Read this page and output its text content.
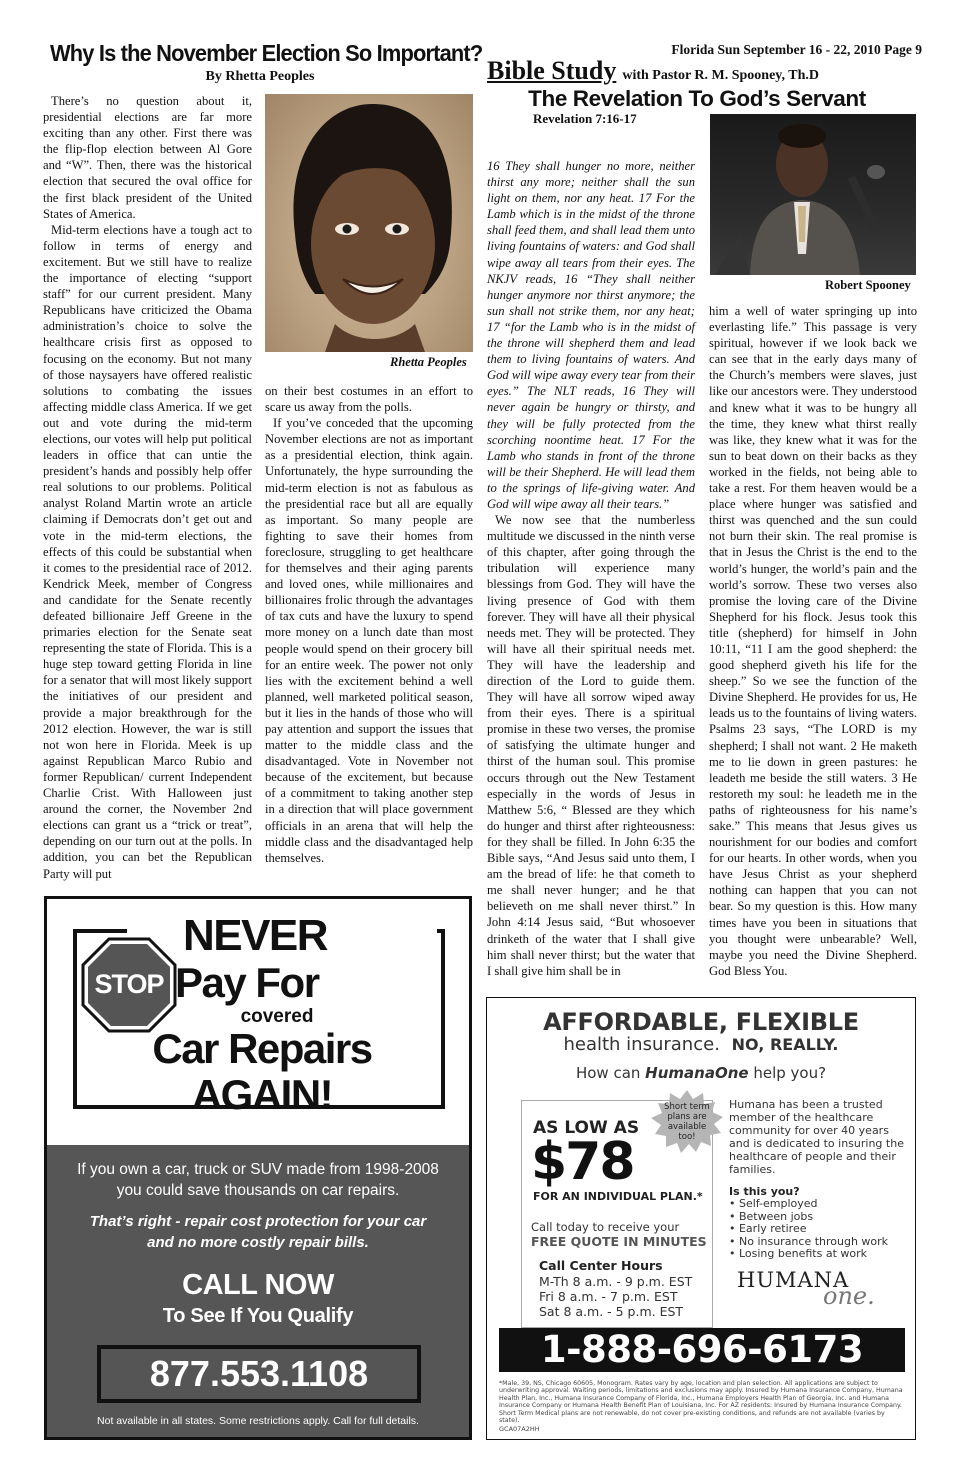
Why Is the November Election So Important?
By Rhetta Peoples
Florida Sun September 16 - 22, 2010 Page 9
Bible Study with Pastor R. M. Spooney, Th.D
The Revelation To God’s Servant
Revelation 7:16-17

There’s no question about it, presidential elections are far more exciting than any other. First there was the flip-flop election between Al Gore and “W”. Then, there was the historical election that secured the oval office for the first black president of the United States of America.

Mid-term elections have a tough act to follow in terms of energy and excitement. But we still have to realize the importance of electing “support staff” for our current president. Many Republicans have criticized the Obama administration’s choice to solve the healthcare crisis first as opposed to focusing on the economy. But not many of those naysayers have offered realistic solutions to combating the issues affecting middle class America. If we get out and vote during the mid-term elections, our votes will help put political leaders in office that can untie the president’s hands and possibly help offer real solutions to our problems. Political analyst Roland Martin wrote an article claiming if Democrats don’t get out and vote in the mid-term elections, the effects of this could be substantial when it comes to the presidential race of 2012. Kendrick Meek, member of Congress and candidate for the Senate recently defeated billionaire Jeff Greene in the primaries election for the Senate seat representing the state of Florida. This is a huge step toward getting Florida in line for a senator that will most likely support the initiatives of our president and provide a major breakthrough for the 2012 election. However, the war is still not won here in Florida. Meek is up against Republican Marco Rubio and former Republican/ current Independent Charlie Crist. With Halloween just around the corner, the November 2nd elections can grant us a “trick or treat”, depending on our turn out at the polls. In addition, you can bet the Republican Party will put

Rhetta Peoples

on their best costumes in an effort to scare us away from the polls.

If you’ve conceded that the upcoming November elections are not as important as a presidential election, think again. Unfortunately, the hype surrounding the mid-term election is not as fabulous as the presidential race but all are equally as important. So many people are fighting to save their homes from foreclosure, struggling to get healthcare for themselves and their aging parents and loved ones, while millionaires and billionaires frolic through the advantages of tax cuts and have the luxury to spend more money on a lunch date than most people would spend on their grocery bill for an entire week. The power not only lies with the excitement behind a well planned, well marketed political season, but it lies in the hands of those who will pay attention and support the issues that matter to the middle class and the disadvantaged. Vote in November not because of the excitement, but because of a commitment to taking another step in a direction that will place government officials in an arena that will help the middle class and the disadvantaged help themselves.

16 They shall hunger no more, neither thirst any more; neither shall the sun light on them, nor any heat. 17 For the Lamb which is in the midst of the throne shall feed them, and shall lead them unto living fountains of waters: and God shall wipe away all tears from their eyes. The NKJV reads, 16 “They shall neither hunger anymore nor thirst anymore; the sun shall not strike them, nor any heat; 17 “for the Lamb who is in the midst of the throne will shepherd them and lead them to living fountains of waters. And God will wipe away every tear from their eyes.” The NLT reads, 16 They will never again be hungry or thirsty, and they will be fully protected from the scorching noontime heat. 17 For the Lamb who stands in front of the throne will be their Shepherd. He will lead them to the springs of life-giving water. And God will wipe away all their tears.”

We now see that the numberless multitude we discussed in the ninth verse of this chapter, after going through the tribulation will experience many blessings from God. They will have the living presence of God with them forever. They will have all their physical needs met. They will be protected. They will have all their spiritual needs met. They will have the leadership and direction of the Lord to guide them. They will have all sorrow wiped away from their eyes. There is a spiritual promise in these two verses, the promise of satisfying the ultimate hunger and thirst of the human soul. This promise occurs through out the New Testament especially in the words of Jesus in Matthew 5:6, “ Blessed are they which do hunger and thirst after righteousness: for they shall be filled. In John 6:35 the Bible says, “And Jesus said unto them, I am the bread of life: he that cometh to me shall never hunger; and he that believeth on me shall never thirst.” In John 4:14 Jesus said, “But whosoever drinketh of the water that I shall give him shall never thirst; but the water that I shall give him shall be in

Robert Spooney

him a well of water springing up into everlasting life.” This passage is very spiritual, however if we look back we can see that in the early days many of the Church’s members were slaves, just like our ancestors were. They understood and knew what it was to be hungry all the time, they knew what thirst really was like, they knew what it was for the sun to beat down on their backs as they worked in the fields, not being able to take a rest. For them heaven would be a place where hunger was satisfied and thirst was quenched and the sun could not burn their skin. The real promise is that in Jesus the Christ is the end to the world’s hunger, the world’s pain and the world’s sorrow. These two verses also promise the loving care of the Divine Shepherd for his flock. Jesus took this title (shepherd) for himself in John 10:11, “11 I am the good shepherd: the good shepherd giveth his life for the sheep.” So we see the function of the Divine Shepherd. He provides for us, He leads us to the fountains of living waters. Psalms 23 says, “The LORD is my shepherd; I shall not want. 2 He maketh me to lie down in green pastures: he leadeth me beside the still waters. 3 He restoreth my soul: he leadeth me in the paths of righteousness for his name’s sake.” This means that Jesus gives us nourishment for our bodies and comfort for our hearts. In other words, when you have Jesus Christ as your shepherd nothing can happen that you can not bear. So my question is this. How many times have you been in situations that you thought were unbearable? Well, maybe you need the Divine Shepherd. God Bless You.

STOP
NEVER
Pay For
covered
Car Repairs
AGAIN!
If you own a car, truck or SUV made from 1998-2008 you could save thousands on car repairs.
That’s right - repair cost protection for your car and no more costly repair bills.
CALL NOW
To See If You Qualify
877.553.1108
Not available in all states. Some restrictions apply. Call for full details.
AFFORDABLE, FLEXIBLE
health insurance. NO, REALLY.
How can HumanaOne help you?
Short term plans are available too!
AS LOW AS
$78
FOR AN INDIVIDUAL PLAN.*
Call today to receive your
FREE QUOTE IN MINUTES
Call Center Hours
M-Th 8 a.m. - 9 p.m. EST
Fri 8 a.m. - 7 p.m. EST
Sat 8 a.m. - 5 p.m. EST
Humana has been a trusted member of the healthcare community for over 40 years and is dedicated to insuring the healthcare of people and their families.
Is this you?
• Self-employed
• Between jobs
• Early retiree
• No insurance through work
• Losing benefits at work
HUMANA
one.
1-888-696-6173
*Male, 39, NS, Chicago 60605, Monogram. Rates vary by age, location and plan selection. All applications are subject to underwriting approval. Waiting periods, limitations and exclusions may apply. Insured by Humana Insurance Company, Humana Health Plan, Inc., Humana Insurance Company of Florida, Inc., Humana Employers Health Plan of Georgia, Inc. and Humana Insurance Company or Humana Health Benefit Plan of Louisiana, Inc. For AZ residents: Insured by Humana Insurance Company. Short Term Medical plans are not renewable, do not cover pre-existing conditions, and refunds are not available (varies by state).
GCA07A2HH
